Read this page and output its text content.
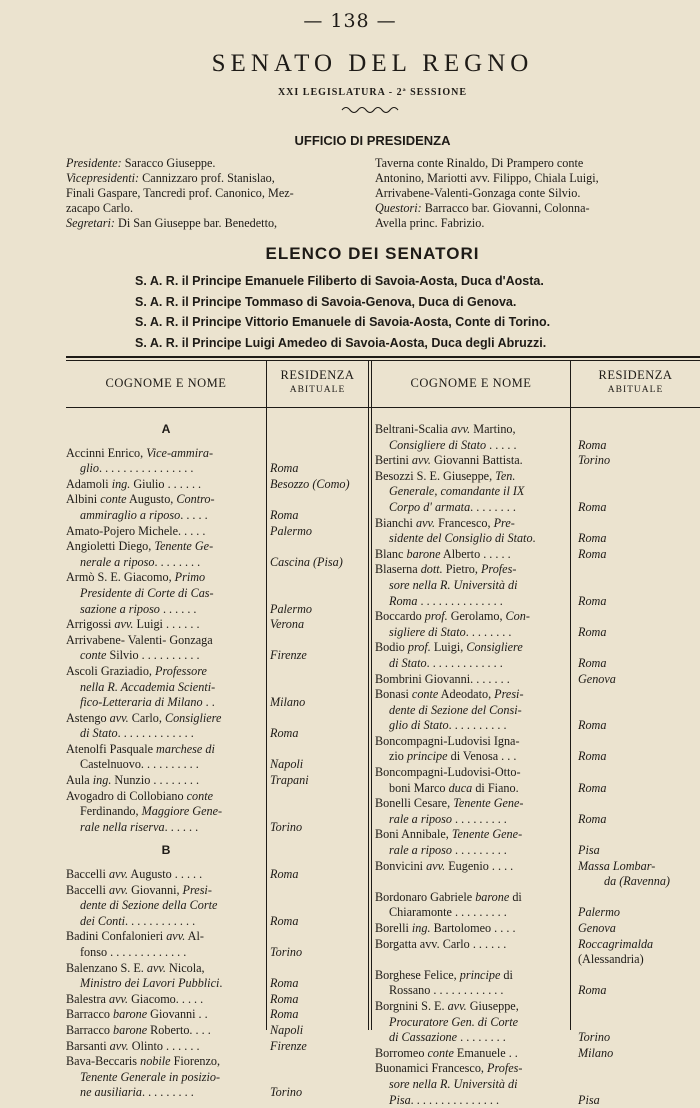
— 138 —
SENATO DEL REGNO
XXI LEGISLATURA - 2ª SESSIONE
UFFICIO DI PRESIDENZA
Presidente: Saracco Giuseppe.
Vicepresidenti: Cannizzaro prof. Stanislao,
Finali Gaspare, Tancredi prof. Canonico, Mez-
zacapo Carlo.
Segretari: Di San Giuseppe bar. Benedetto,
Taverna conte Rinaldo, Di Prampero conte
Antonino, Mariotti avv. Filippo, Chiala Luigi,
Arrivabene-Valenti-Gonzaga conte Silvio.
Questori: Barracco bar. Giovanni, Colonna-
Avella princ. Fabrizio.
ELENCO DEI SENATORI
S. A. R. il Principe Emanuele Filiberto di Savoia-Aosta, Duca d'Aosta.
S. A. R. il Principe Tommaso di Savoia-Genova, Duca di Genova.
S. A. R. il Principe Vittorio Emanuele di Savoia-Aosta, Conte di Torino.
S. A. R. il Principe Luigi Amedeo di Savoia-Aosta, Duca degli Abruzzi.
COGNOME E NOME
RESIDENZA
ABITUALE	COGNOME E NOME
RESIDENZA
ABITUALE
A

Accinni Enrico, Vice-ammira-
glio. . . . . . . . . . . . . . . .	Roma
Adamoli ing. Giulio . . . . . .	Besozzo (Como)
Albini conte Augusto, Contro-
ammiraglio a riposo. . . . .	Roma
Amato-Pojero Michele. . . . .	Palermo
Angioletti Diego, Tenente Ge-
nerale a riposo. . . . . . . .	Cascina (Pisa)
Armò S. E. Giacomo, Primo
Presidente di Corte di Cas-
sazione a riposo . . . . . .	Palermo
Arrigossi avv. Luigi . . . . . .	Verona
Arrivabene- Valenti- Gonzaga
conte Silvio . . . . . . . . . .	Firenze
Ascoli Graziadio, Professore
nella R. Accademia Scienti-
fico-Letteraria di Milano . .	Milano
Astengo avv. Carlo, Consigliere
di Stato. . . . . . . . . . . . .	Roma
Atenolfi Pasquale marchese di
Castelnuovo. . . . . . . . . .	Napoli
Aula ing. Nunzio . . . . . . . .	Trapani
Avogadro di Collobiano conte
Ferdinando, Maggiore Gene-
rale nella riserva. . . . . .	Torino

B

Baccelli avv. Augusto . . . . .	Roma
Baccelli avv. Giovanni, Presi-
dente di Sezione della Corte
dei Conti. . . . . . . . . . . .	Roma
Badini Confalonieri avv. Al-
fonso . . . . . . . . . . . . .	Torino
Balenzano S. E. avv. Nicola,
Ministro dei Lavori Pubblici.	Roma
Balestra avv. Giacomo. . . . .	Roma
Barracco barone Giovanni . .	Roma
Barracco barone Roberto. . . .	Napoli
Barsanti avv. Olinto . . . . . .	Firenze
Bava-Beccaris nobile Fiorenzo,
Tenente Generale in posizio-
ne ausiliaria. . . . . . . . .	Torino
Beltrani-Scalia avv. Martino,
Consigliere di Stato . . . . .	Roma
Bertini avv. Giovanni Battista.	Torino
Besozzi S. E. Giuseppe, Ten.
Generale, comandante il IX
Corpo d' armata. . . . . . . .	Roma
Bianchi avv. Francesco, Pre-
sidente del Consiglio di Stato.	Roma
Blanc barone Alberto . . . . .	Roma
Blaserna dott. Pietro, Profes-
sore nella R. Università di
Roma . . . . . . . . . . . . . .	Roma
Boccardo prof. Gerolamo, Con-
sigliere di Stato. . . . . . . .	Roma
Bodio prof. Luigi, Consigliere
di Stato. . . . . . . . . . . . .	Roma
Bombrini Giovanni. . . . . . .	Genova
Bonasi conte Adeodato, Presi-
dente di Sezione del Consi-
glio di Stato. . . . . . . . . .	Roma
Boncompagni-Ludovisi Igna-
zio principe di Venosa . . .	Roma
Boncompagni-Ludovisi-Otto-
boni Marco duca di Fiano.	Roma
Bonelli Cesare, Tenente Gene-
rale a riposo . . . . . . . . .	Roma
Boni Annibale, Tenente Gene-
rale a riposo . . . . . . . . .	Pisa
Bonvicini avv. Eugenio . . . .	Massa Lombar-

da (Ravenna)
Bordonaro Gabriele barone di
Chiaramonte . . . . . . . . .	Palermo
Borelli ing. Bartolomeo . . . .	Genova
Borgatta avv. Carlo . . . . . .	Roccagrimalda

(Alessandria)
Borghese Felice, principe di
Rossano . . . . . . . . . . . .	Roma
Borgnini S. E. avv. Giuseppe,
Procuratore Gen. di Corte
di Cassazione . . . . . . . .	Torino
Borromeo conte Emanuele . .	Milano
Buonamici Francesco, Profes-
sore nella R. Università di
Pisa. . . . . . . . . . . . . . .	Pisa
